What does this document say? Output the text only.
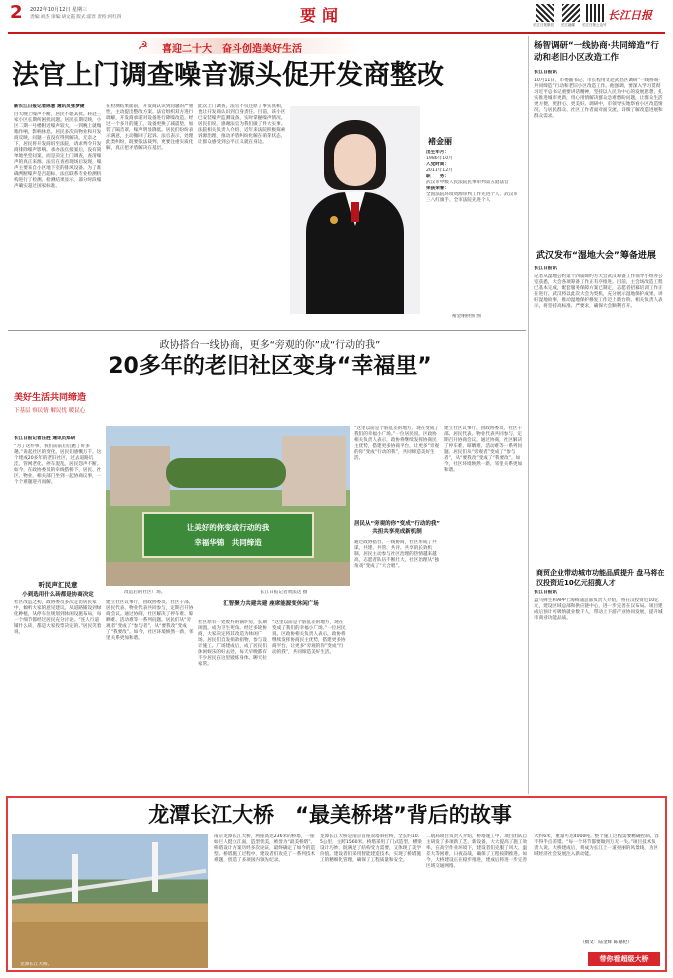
2 2022年10月12日 星期三
责编:刘杰 审编:胡文霞 版式:霍淳 责校:何红四	要闻	长江日报微信 长江融媒 长江日报公众号
长江日报
☭ 喜迎二十大　奋斗创造美好生活
法官上门调查噪音源头促开发商整改
新长江日报记者陈意 通讯员张梦捷
白天晚上噪声不断，居民不堪其扰。转赴三家小区长期所困扰问题。居民长期反映，小区二期一号楼附近噪声较大，一到晚上就嗡嗡作响，影响休息。居民多次向物业和开发商反映，问题一直没有得到解决。无奈之下，居民将开发商诉至法院，请求判令开发商排除噪声影响。承办法官接案后，没有简单地坐堂问案，而是决定上门调查，查清噪声的真正来源。法官在查看现场后发现，噪声主要来自小区地下室的排风设备。为了准确判断噪声是否超标，法官联系专业检测机构进行了检测。检测结果显示，部分时段噪声确实超过国家标准。
在检测结果面前，开发商认识到问题的严重性，主动提出整改方案。法官组织双方进行调解，开发商承诺对设备进行降噪改造。经过一个多月的施工，设备更换了减震垫，加装了隔音罩，噪声明显降低。居民们纷纷表示满意，主动撤回了起诉。法官表示，处理此类纠纷，既要依法裁判，更要注重实质化解，真正把矛盾解决在基层。
此次上门调查，法官不仅还原了事实真相，也让开发商认识到自身责任。目前，该小区已安装噪声监测设备，实时掌握噪声情况。居民们说，感谢法官为我们做了件大实事。法院相关负责人介绍，近年来法院积极探索诉源治理，推动矛盾纠纷化解在萌芽状态，让群众感受到公平正义就在身边。	褚金丽
出生年月：
1986年10月
入党时间：
2011年12月
职　　务：
武汉市中级人民法院民事审判第五庭法官
荣获荣誉：
全国法院环境资源审判工作先进个人、武汉市三八红旗手、全市法院先进个人
褚金丽供图 图
杨智调研“一线协商·共同缔造”行动和老旧小区改造工作
长江日报讯
10月11日，市委副书记、市长程用文赴武昌区调研“一线协商·共同缔造”行动和老旧小区改造工作。他强调，要深入学习贯彻习近平总书记重要讲话精神，坚持以人民为中心的发展思想，扎实推进城市更新，用心用情解决群众急难愁盼问题，让群众生活更方便、更舒心、更美好。调研中，市领导实地察看小区改造情况，与居民群众、社区工作者面对面交流，详细了解改造进展和群众需求。
武汉发布“湿地大会”筹备进展
长江日报讯
记者从湿地公约第十四届缔约方大会武汉筹备工作领导小组办公室获悉，大会各项筹备工作正有序推进。目前，主会场改造工程已基本完成，配套服务保障方案已制定，志愿者招募培训工作正在进行。武汉将以此次大会为契机，充分展示湿地保护成果，讲好湿地故事，推动湿地保护修复工作迈上新台阶。相关负责人表示，将坚持高标准、严要求，确保大会顺利召开。
商贸企业带动城市功能品质提升 盘马将在汉投资近10亿元招揽人才
长江日报讯
盒马鲜生和APP上海杨浦总部负责人介绍，将在汉投资近10亿元，建设区域总部和供应链中心，进一步完善在汉布局。项目建成后预计可吸纳就业数千人，带动上下游产业协同发展，提升城市商业功能品质。
政协搭台一线协商，更多“旁观的你”成“行动的我”
20多年的老旧社区变身“幸福里”
美好生活共同缔造
下基层 察民情 解民忧 暖民心
长江日报记者汪胜 通讯员郑研
“为了这件事，我们前前后后跑了好多趟。”说起社区的变化，居民们感慨万千。这个建成20多年的老旧社区，过去道路坑洼、管网老化、停车混乱，居民怨声不断。如今，在政协委员的牵线搭桥下，居民、社区、物业、相关部门坐到一起协商议事，一个个难题迎刃而解。
听民声汇民意
小到选用什么砖都是协商决定
社区改造之初，政协委员多次走访居民家中，倾听大家的意见建议。从道路铺设到绿化种植，从停车位规划到休闲设施布局，每一个细节都经过居民充分讨论。“连人行道铺什么砖，都是大家投票决定的。”居民笑着说。
让美好的你变成行动的我
幸福华锦　共同缔造
改造后的社区广场。	长江日报记者黄法达 摄
建立社区议事厅，由政协委员、社区干部、居民代表、物业代表共同参与，定期召开协商会议。通过协商，社区解决了停车难、晾晒难、活动难等一系列问题。居民们从“旁观者”变成了“参与者”，从“要我改”变成了“我要改”。如今，社区环境焕然一新，邻里关系更加和谐。
汇智聚力共建共建 座席能源变休闲广场
社区原有一处废弃的锅炉房，长期闲置，成为卫生死角。经过多轮协商，大家决定将其改造为休闲广场。居民们自发捐款捐物，参与设计施工。广场建成后，成了居民们休闲娱乐的好去处，每天早晚都有不少居民在这里锻炼身体、聊天拉家常。
“这里以前是个脏乱差的地方，现在变成了我们的幸福小广场。”一位居民说。区政协相关负责人表示，政协将继续发挥协商民主优势，搭建更多协商平台，让更多“旁观的你”变成“行动的我”，共同缔造美好生活。
“这里以前是个脏乱差的地方，现在变成了我们的幸福小广场。”一位居民说。区政协相关负责人表示，政协将继续发挥协商民主优势，搭建更多协商平台，让更多“旁观的你”变成“行动的我”，共同缔造美好生活。
居民从“旁观的你”变成“行动的我” 共担共享亮成新机制
通过政协搭台、一线协商，社区形成了共谋、共建、共管、共评、共享的长效机制。居民主动参与社区治理的热情越来越高，志愿者队伍不断壮大，社区治理从“独角戏”变成了“大合唱”。
建立社区议事厅，由政协委员、社区干部、居民代表、物业代表共同参与，定期召开协商会议。通过协商，社区解决了停车难、晾晒难、活动难等一系列问题。居民们从“旁观者”变成了“参与者”，从“要我改”变成了“我要改”。如今，社区环境焕然一新，邻里关系更加和谐。
龙潭长江大桥　“最美桥塔”背后的故事
龙潭长江大桥。
南京龙潭长江大桥，两座高达236米的桥塔，一座如巨人挺立江面，造型优美，被誉为“最美桥塔”。桥塔设计方案历经多次论证，最终确定了如今的造型。桥塔施工过程中，建设者们攻克了一系列技术难题，创造了多项国内领先纪录。
龙潭长江大桥是南京首座双塔斜拉桥，全长约10.5公里，主跨1560米。桥塔采用了门式造型，横梁设计巧妙，既满足了结构受力需要，又体现了美学价值。建设者们采用智能建造技术，实现了桥塔施工的精细化管理，确保了工程质量和安全。
二航局项目负责人介绍，桥塔施工中，项目团队自主研发了多项新工艺、新设备，大大提高了施工效率。在高空作业环境下，建设者们克服了风大、温差大等困难，日夜奋战，确保了工程按期推进。如今，大桥建设正在稳步推进，建成后将进一步完善区域交通网络。
大约6米，重量可达4000吨。整个施工过程需要精确控制，容不得半点差错。“每一个环节都要做到万无一失。”项目技术负责人说。大桥建成后，将成为长江上一道亮丽的风景线，为区域经济社会发展注入新动能。
（摄文：陆金辉 陈嘉伦）
带你看超级大桥
